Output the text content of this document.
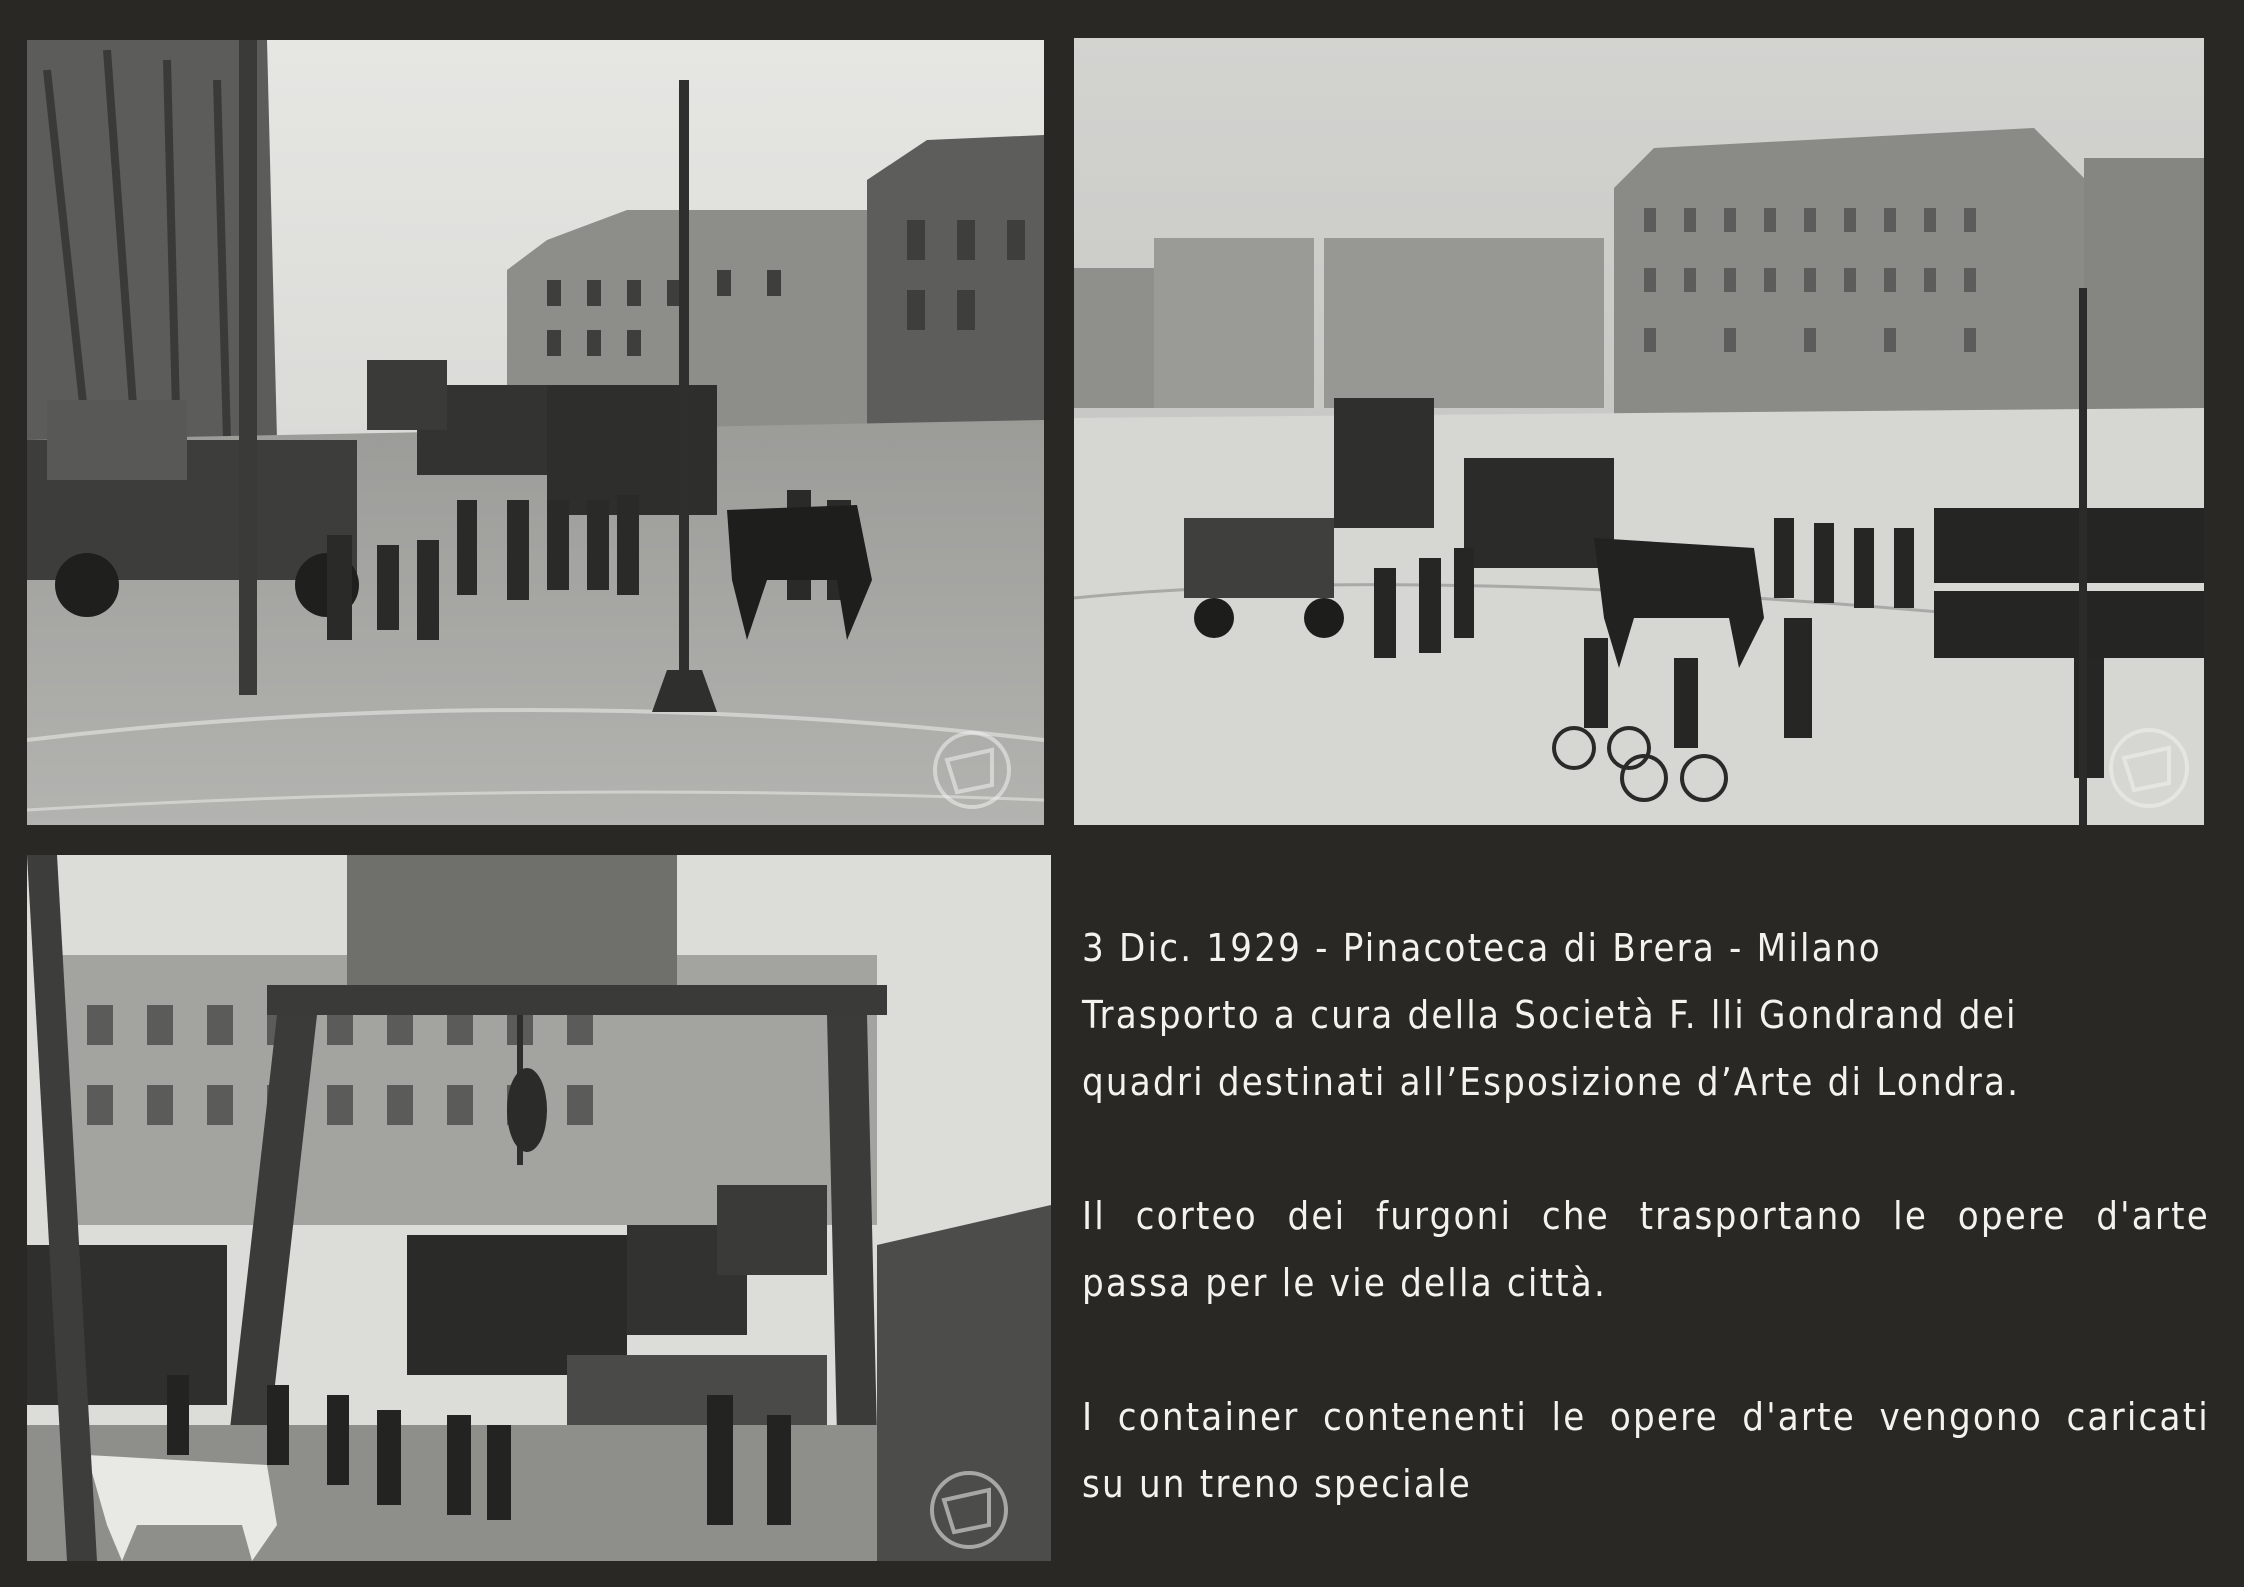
3 Dic. 1929 - Pinacoteca di Brera - Milano

Trasporto a cura della Società F. lli Gondrand dei

quadri destinati all’Esposizione d’Arte di Londra.

Il corteo dei furgoni che trasportano le opere d'arte

passa per le vie della città.

I container contenenti le opere d'arte vengono caricati

su un treno speciale
